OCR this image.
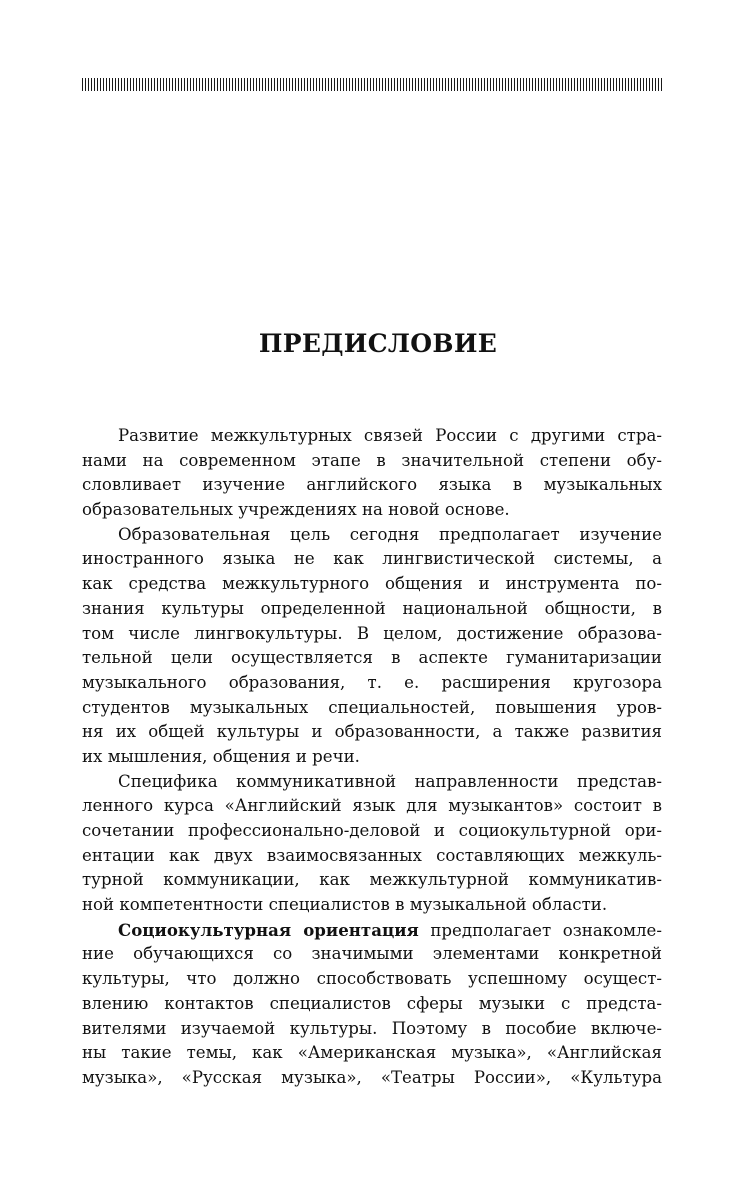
ПРЕДИСЛОВИЕ
Развитие межкультурных связей России с другими стра-
нами на современном этапе в значительной степени обу-
словливает изучение английского языка в музыкальных
образовательных учреждениях на новой основе.
Образовательная цель сегодня предполагает изучение
иностранного языка не как лингвистической системы, а
как средства межкультурного общения и инструмента по-
знания культуры определенной национальной общности, в
том числе лингвокультуры. В целом, достижение образова-
тельной цели осуществляется в аспекте гуманитаризации
музыкального образования, т. е. расширения кругозора
студентов музыкальных специальностей, повышения уров-
ня их общей культуры и образованности, а также развития
их мышления, общения и речи.
Специфика коммуникативной направленности представ-
ленного курса «Английский язык для музыкантов» состоит в
сочетании профессионально-деловой и социокультурной ори-
ентации как двух взаимосвязанных составляющих межкуль-
турной коммуникации, как межкультурной коммуникатив-
ной компетентности специалистов в музыкальной области.
Социокультурная ориентация предполагает ознакомле-
ние обучающихся со значимыми элементами конкретной
культуры, что должно способствовать успешному осущест-
влению контактов специалистов сферы музыки с предста-
вителями изучаемой культуры. Поэтому в пособие включе-
ны такие темы, как «Американская музыка», «Английская
музыка», «Русская музыка», «Театры России», «Культура
